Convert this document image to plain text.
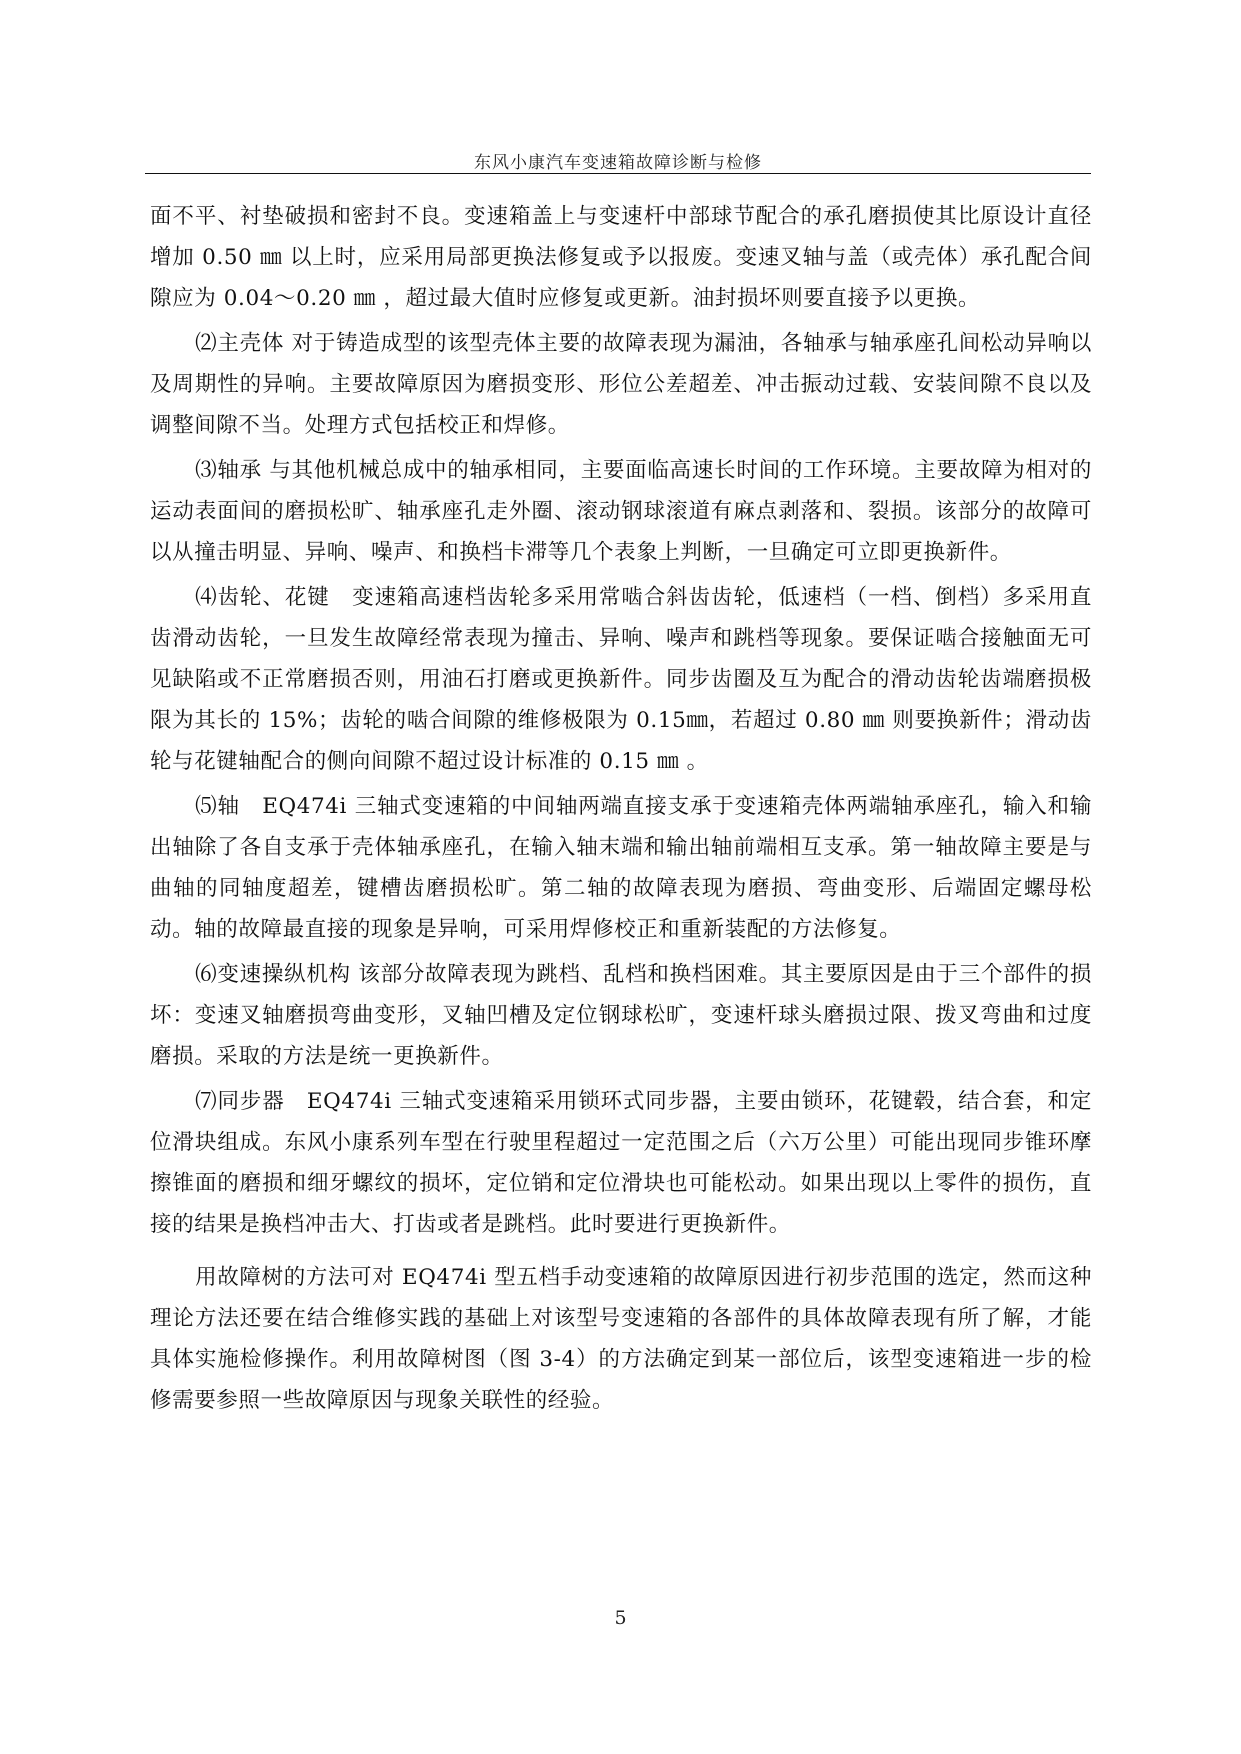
东风小康汽车变速箱故障诊断与检修

面不平、衬垫破损和密封不良。变速箱盖上与变速杆中部球节配合的承孔磨损使其比原设计直径增加 0.50 ㎜ 以上时，应采用局部更换法修复或予以报废。变速叉轴与盖（或壳体）承孔配合间隙应为 0.04～0.20 ㎜ ，超过最大值时应修复或更新。油封损坏则要直接予以更换。

⑵主壳体 对于铸造成型的该型壳体主要的故障表现为漏油，各轴承与轴承座孔间松动异响以及周期性的异响。主要故障原因为磨损变形、形位公差超差、冲击振动过载、安装间隙不良以及调整间隙不当。处理方式包括校正和焊修。

⑶轴承 与其他机械总成中的轴承相同，主要面临高速长时间的工作环境。主要故障为相对的运动表面间的磨损松旷、轴承座孔走外圈、滚动钢球滚道有麻点剥落和、裂损。该部分的故障可以从撞击明显、异响、噪声、和换档卡滞等几个表象上判断，一旦确定可立即更换新件。

⑷齿轮、花键　变速箱高速档齿轮多采用常啮合斜齿齿轮，低速档（一档、倒档）多采用直齿滑动齿轮，一旦发生故障经常表现为撞击、异响、噪声和跳档等现象。要保证啮合接触面无可见缺陷或不正常磨损否则，用油石打磨或更换新件。同步齿圈及互为配合的滑动齿轮齿端磨损极限为其长的 15%；齿轮的啮合间隙的维修极限为 0.15㎜，若超过 0.80 ㎜ 则要换新件；滑动齿轮与花键轴配合的侧向间隙不超过设计标准的 0.15 ㎜ 。

⑸轴　EQ474i 三轴式变速箱的中间轴两端直接支承于变速箱壳体两端轴承座孔，输入和输出轴除了各自支承于壳体轴承座孔，在输入轴末端和输出轴前端相互支承。第一轴故障主要是与曲轴的同轴度超差，键槽齿磨损松旷。第二轴的故障表现为磨损、弯曲变形、后端固定螺母松动。轴的故障最直接的现象是异响，可采用焊修校正和重新装配的方法修复。

⑹变速操纵机构 该部分故障表现为跳档、乱档和换档困难。其主要原因是由于三个部件的损坏：变速叉轴磨损弯曲变形，叉轴凹槽及定位钢球松旷，变速杆球头磨损过限、拨叉弯曲和过度磨损。采取的方法是统一更换新件。

⑺同步器　EQ474i 三轴式变速箱采用锁环式同步器，主要由锁环，花键毂，结合套，和定位滑块组成。东风小康系列车型在行驶里程超过一定范围之后（六万公里）可能出现同步锥环摩擦锥面的磨损和细牙螺纹的损坏，定位销和定位滑块也可能松动。如果出现以上零件的损伤，直接的结果是换档冲击大、打齿或者是跳档。此时要进行更换新件。

用故障树的方法可对 EQ474i 型五档手动变速箱的故障原因进行初步范围的选定，然而这种理论方法还要在结合维修实践的基础上对该型号变速箱的各部件的具体故障表现有所了解，才能具体实施检修操作。利用故障树图（图 3-4）的方法确定到某一部位后，该型变速箱进一步的检修需要参照一些故障原因与现象关联性的经验。

5
